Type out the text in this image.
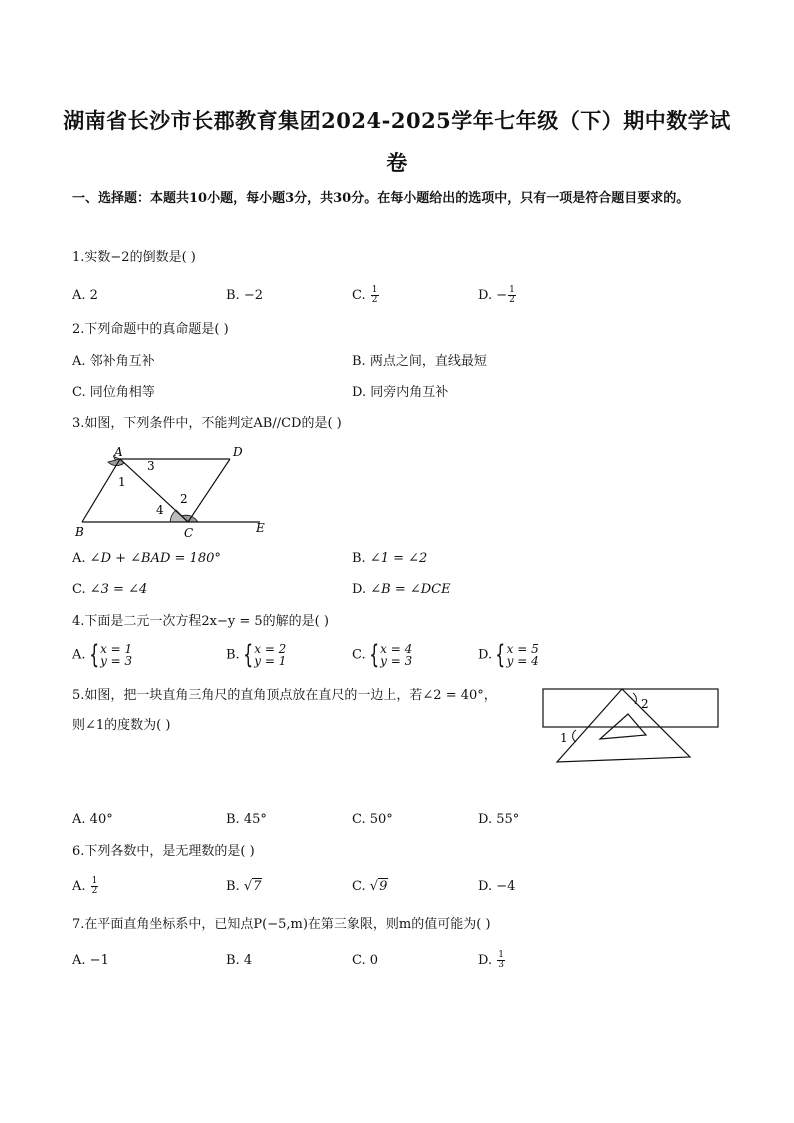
湖南省长沙市长郡教育集团2024-2025学年七年级（下）期中数学试卷
一、选择题：本题共10小题，每小题3分，共30分。在每小题给出的选项中，只有一项是符合题目要求的。
1.实数−2的倒数是( )
A. 2	B. −2	C. $\frac{1}{2}$	D. − $\frac{1}{2}$
2.下列命题中的真命题是( )
A. 邻补角互补	B. 两点之间，直线最短
C. 同位角相等	D. 同旁内角互补
3.如图，下列条件中，不能判定AB//CD的是( )
A	D
B	C	E
1
2
3
4
A. ∠D + ∠BAD = 180°	B. ∠1 = ∠2
C. ∠3 = ∠4	D. ∠B = ∠DCE
4.下面是二元一次方程2x−y = 5的解的是( )
A. { x = 1
y = 3	B. { x = 2
y = 1	C. { x = 4
y = 3	D. { x = 5
y = 4
5.如图，把一块直角三角尺的直角顶点放在直尺的一边上，若∠2 = 40°，
则∠1的度数为( )
2
1
A. 40°	B. 45°	C. 50°	D. 55°
6.下列各数中，是无理数的是( )
A. $\frac{1}{2}$	B. √7	C. √9	D. −4
7.在平面直角坐标系中，已知点P(−5,m)在第三象限，则m的值可能为( )
A. −1	B. 4	C. 0	D. $\frac{1}{3}$
